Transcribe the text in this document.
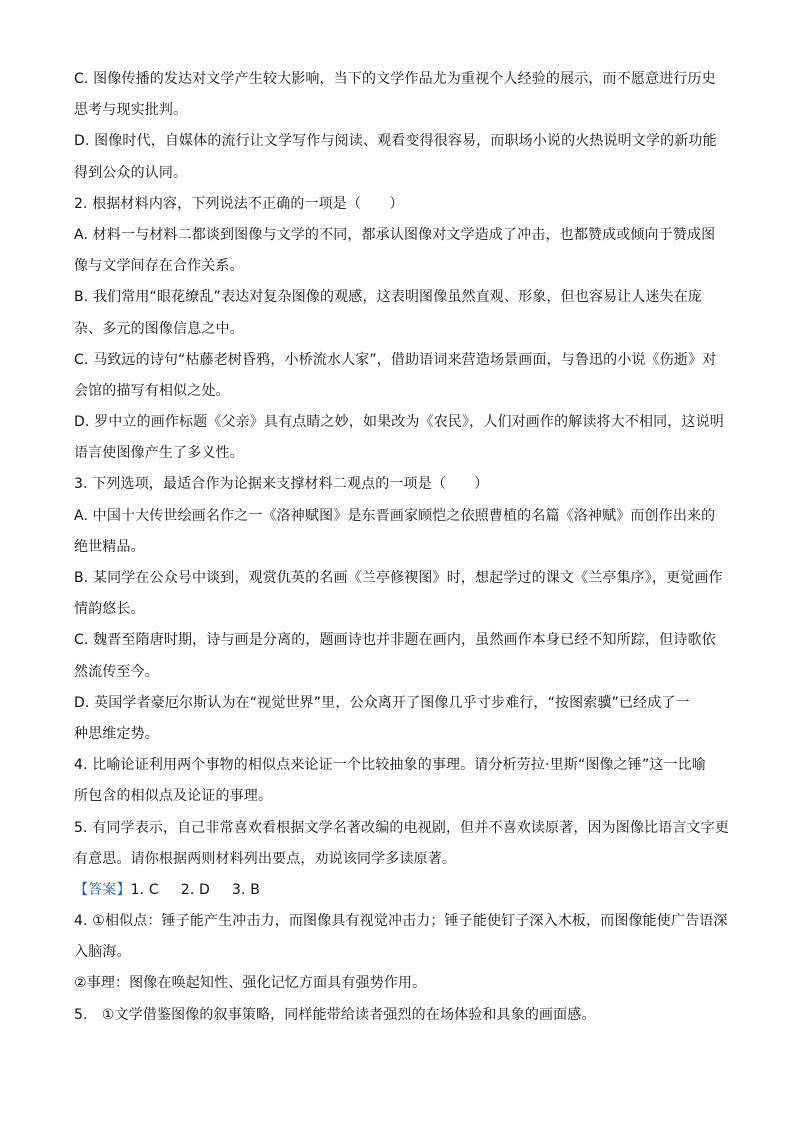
C. 图像传播的发达对文学产生较大影响，当下的文学作品尤为重视个人经验的展示，而不愿意进行历史
思考与现实批判。
D. 图像时代，自媒体的流行让文学写作与阅读、观看变得很容易，而职场小说的火热说明文学的新功能
得到公众的认同。
2. 根据材料内容，下列说法不正确的一项是（　　）
A. 材料一与材料二都谈到图像与文学的不同，都承认图像对文学造成了冲击，也都赞成或倾向于赞成图
像与文学间存在合作关系。
B. 我们常用“眼花缭乱”表达对复杂图像的观感，这表明图像虽然直观、形象，但也容易让人迷失在庞
杂、多元的图像信息之中。
C. 马致远的诗句“枯藤老树昏鸦，小桥流水人家”，借助语词来营造场景画面，与鲁迅的小说《伤逝》对
会馆的描写有相似之处。
D. 罗中立的画作标题《父亲》具有点睛之妙，如果改为《农民》，人们对画作的解读将大不相同，这说明
语言使图像产生了多义性。
3. 下列选项，最适合作为论据来支撑材料二观点的一项是（　　）
A. 中国十大传世绘画名作之一《洛神赋图》是东晋画家顾恺之依照曹植的名篇《洛神赋》而创作出来的
绝世精品。
B. 某同学在公众号中谈到，观赏仇英的名画《兰亭修褉图》时，想起学过的课文《兰亭集序》，更觉画作
情韵悠长。
C. 魏晋至隋唐时期，诗与画是分离的，题画诗也并非题在画内，虽然画作本身已经不知所踪，但诗歌依
然流传至今。
D. 英国学者豪厄尔斯认为在“视觉世界”里，公众离开了图像几乎寸步难行，“按图索骥”已经成了一
种思维定势。
4. 比喻论证利用两个事物的相似点来论证一个比较抽象的事理。请分析劳拉·里斯“图像之锤”这一比喻
所包含的相似点及论证的事理。
5. 有同学表示，自己非常喜欢看根据文学名著改编的电视剧，但并不喜欢读原著，因为图像比语言文字更
有意思。请你根据两则材料列出要点，劝说该同学多读原著。
【答案】1. C 2. D 3. B
4. ①相似点：锤子能产生冲击力，而图像具有视觉冲击力；锤子能使钉子深入木板，而图像能使广告语深
入脑海。
②事理：图像在唤起知性、强化记忆方面具有强势作用。
5.　①文学借鉴图像的叙事策略，同样能带给读者强烈的在场体验和具象的画面感。
